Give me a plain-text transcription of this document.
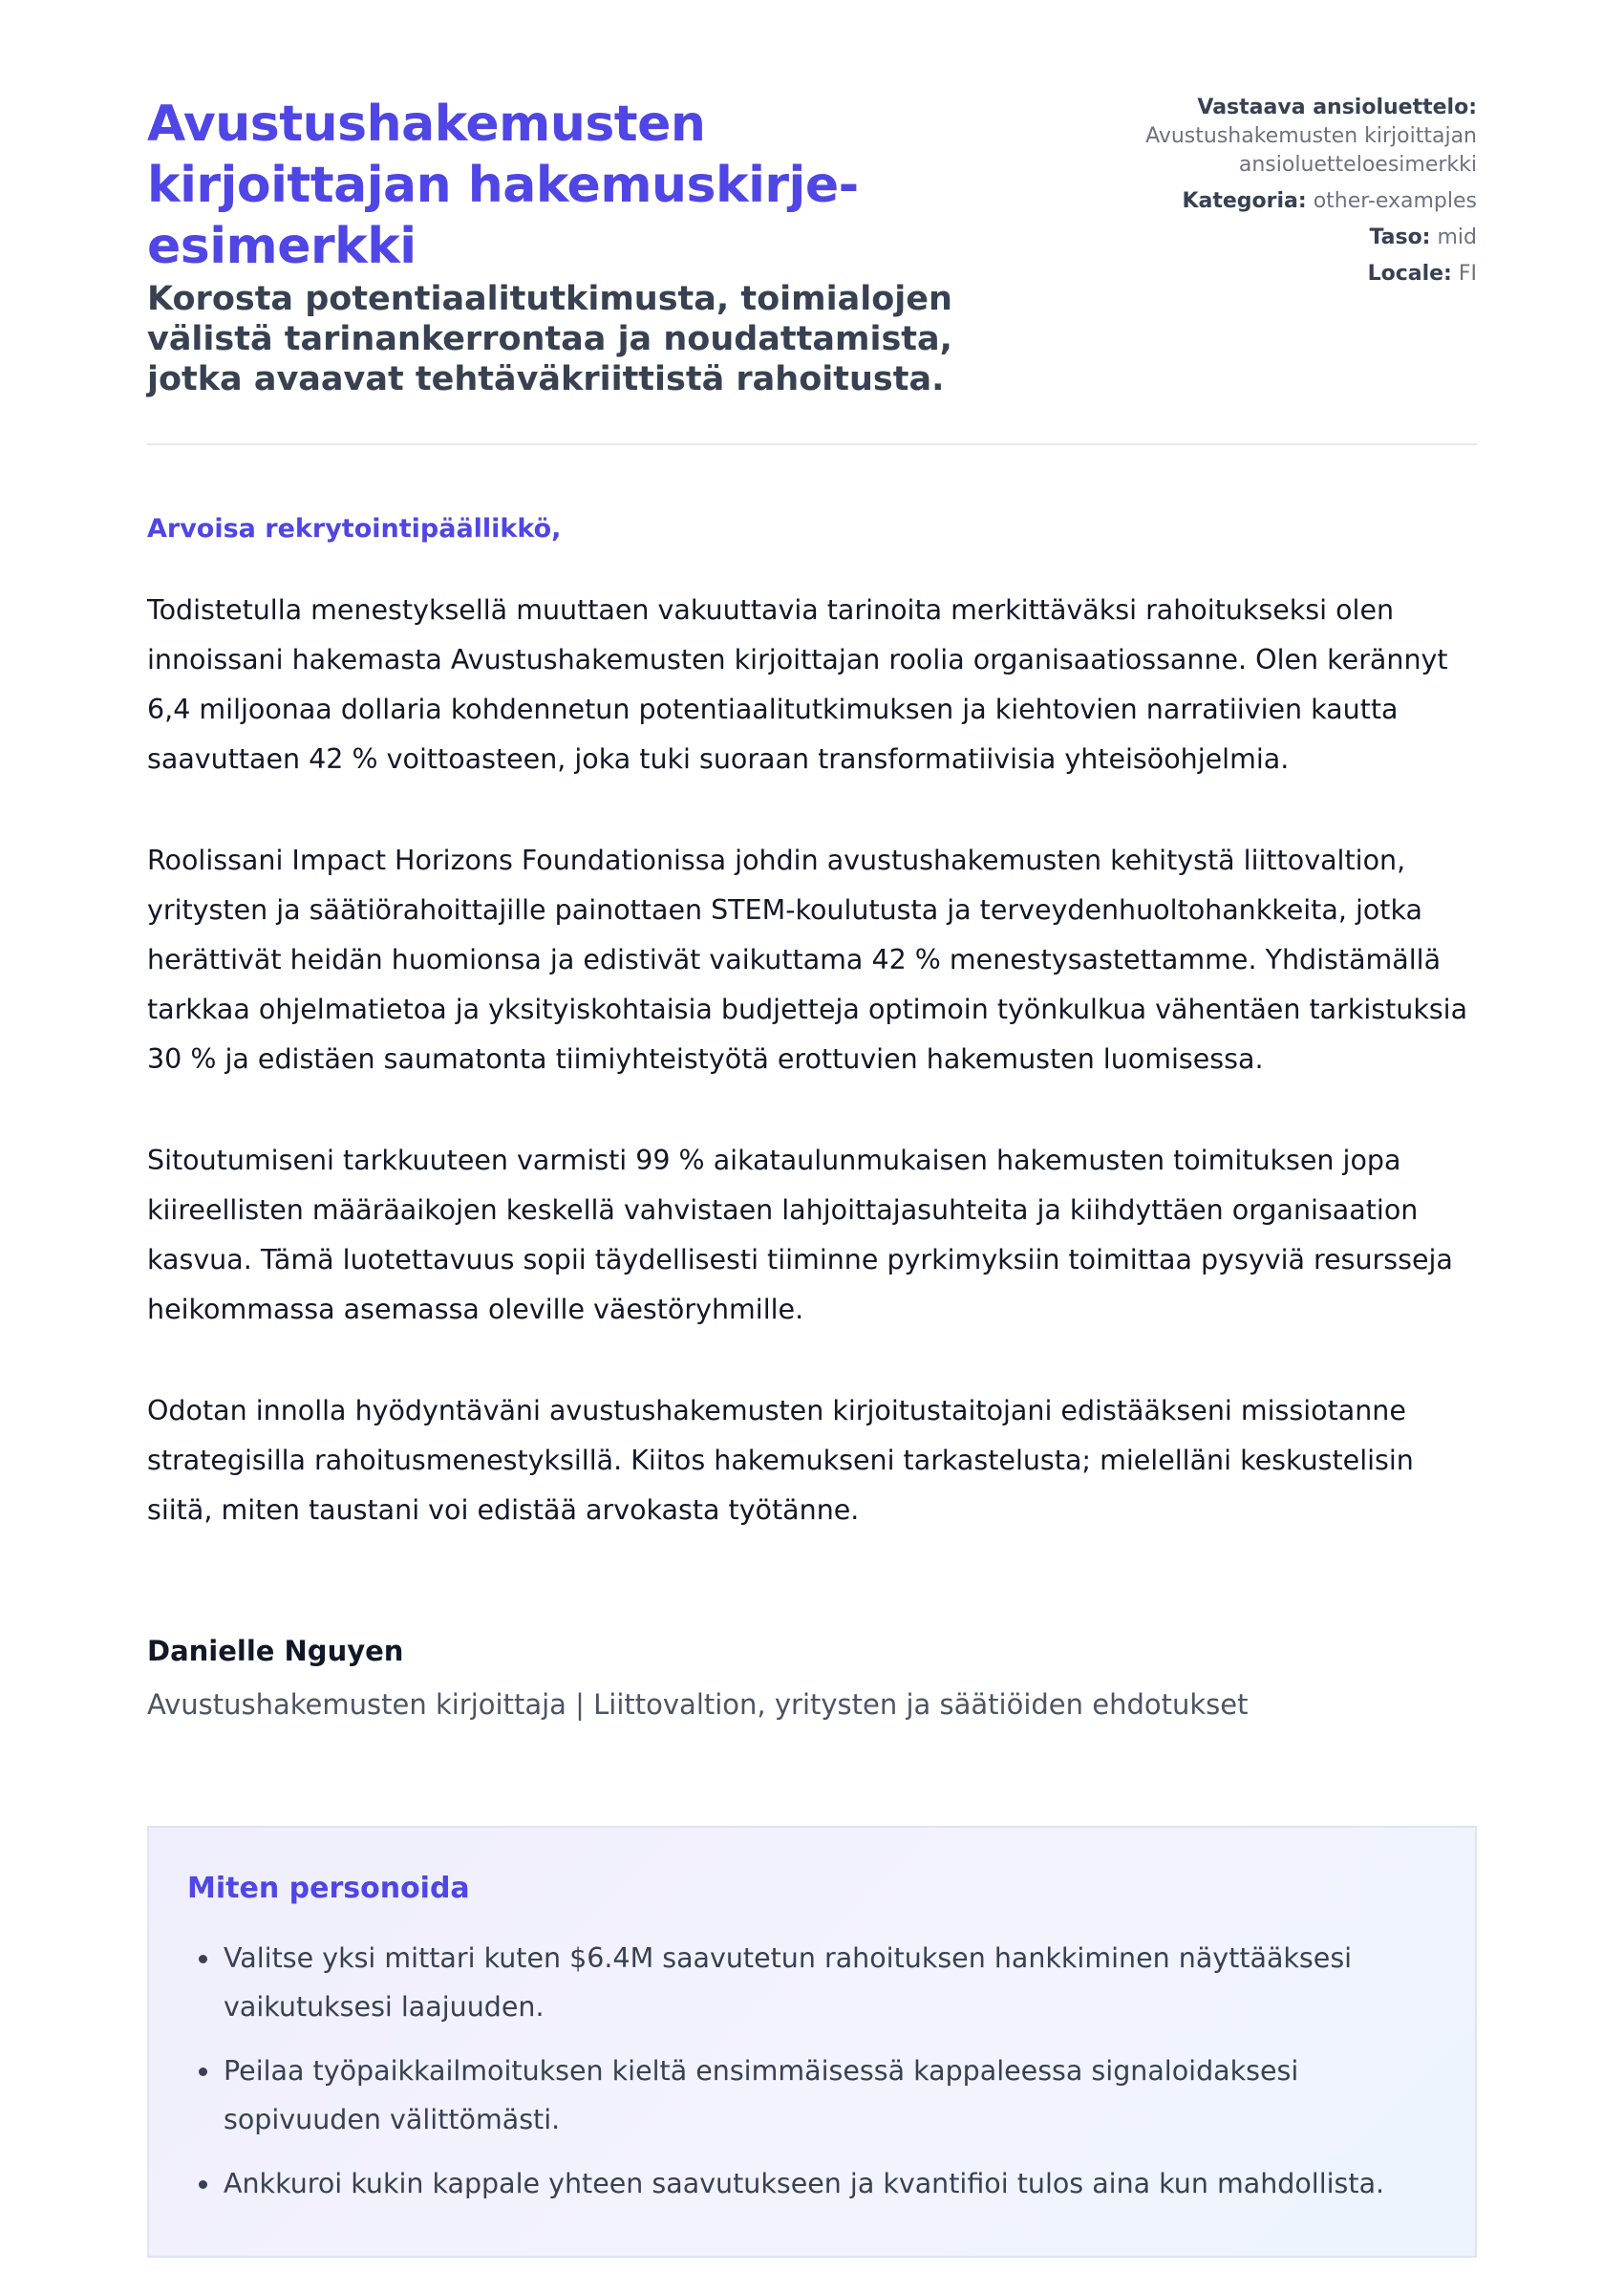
Avustushakemusten kirjoittajan hakemuskirje-esimerkki

Korosta potentiaalitutkimusta, toimialojen välistä tarinankerrontaa ja noudattamista, jotka avaavat tehtäväkriittistä rahoitusta.

Vastaava ansioluettelo:
Avustushakemusten kirjoittajan ansioluetteloesimerkki
Kategoria: other-examples
Taso: mid
Locale: FI
Arvoisa rekrytointipäällikkö,

Todistetulla menestyksellä muuttaen vakuuttavia tarinoita merkittäväksi rahoitukseksi olen innoissani hakemasta Avustushakemusten kirjoittajan roolia organisaatiossanne. Olen kerännyt 6,4 miljoonaa dollaria kohdennetun potentiaalitutkimuksen ja kiehtovien narratiivien kautta saavuttaen 42 % voittoasteen, joka tuki suoraan transformatiivisia yhteisöohjelmia.

Roolissani Impact Horizons Foundationissa johdin avustushakemusten kehitystä liittovaltion, yritysten ja säätiörahoittajille painottaen STEM-koulutusta ja terveydenhuoltohankkeita, jotka herättivät heidän huomionsa ja edistivät vaikuttama 42 % menestysastettamme. Yhdistämällä tarkkaa ohjelmatietoa ja yksityiskohtaisia budjetteja optimoin työnkulkua vähentäen tarkistuksia 30 % ja edistäen saumatonta tiimiyhteistyötä erottuvien hakemusten luomisessa.

Sitoutumiseni tarkkuuteen varmisti 99 % aikataulunmukaisen hakemusten toimituksen jopa kiireellisten määräaikojen keskellä vahvistaen lahjoittajasuhteita ja kiihdyttäen organisaation kasvua. Tämä luotettavuus sopii täydellisesti tiiminne pyrkimyksiin toimittaa pysyviä resursseja heikommassa asemassa oleville väestöryhmille.

Odotan innolla hyödyntäväni avustushakemusten kirjoitustaitojani edistääkseni missiotanne strategisilla rahoitusmenestyksillä. Kiitos hakemukseni tarkastelusta; mielelläni keskustelisin siitä, miten taustani voi edistää arvokasta työtänne.

Danielle Nguyen
Avustushakemusten kirjoittaja | Liittovaltion, yritysten ja säätiöiden ehdotukset
Miten personoida
• Valitse yksi mittari kuten $6.4M saavutetun rahoituksen hankkiminen näyttääksesi vaikutuksesi laajuuden.
• Peilaa työpaikkailmoituksen kieltä ensimmäisessä kappaleessa signaloidaksesi sopivuuden välittömästi.
• Ankkuroi kukin kappale yhteen saavutukseen ja kvantifioi tulos aina kun mahdollista.
